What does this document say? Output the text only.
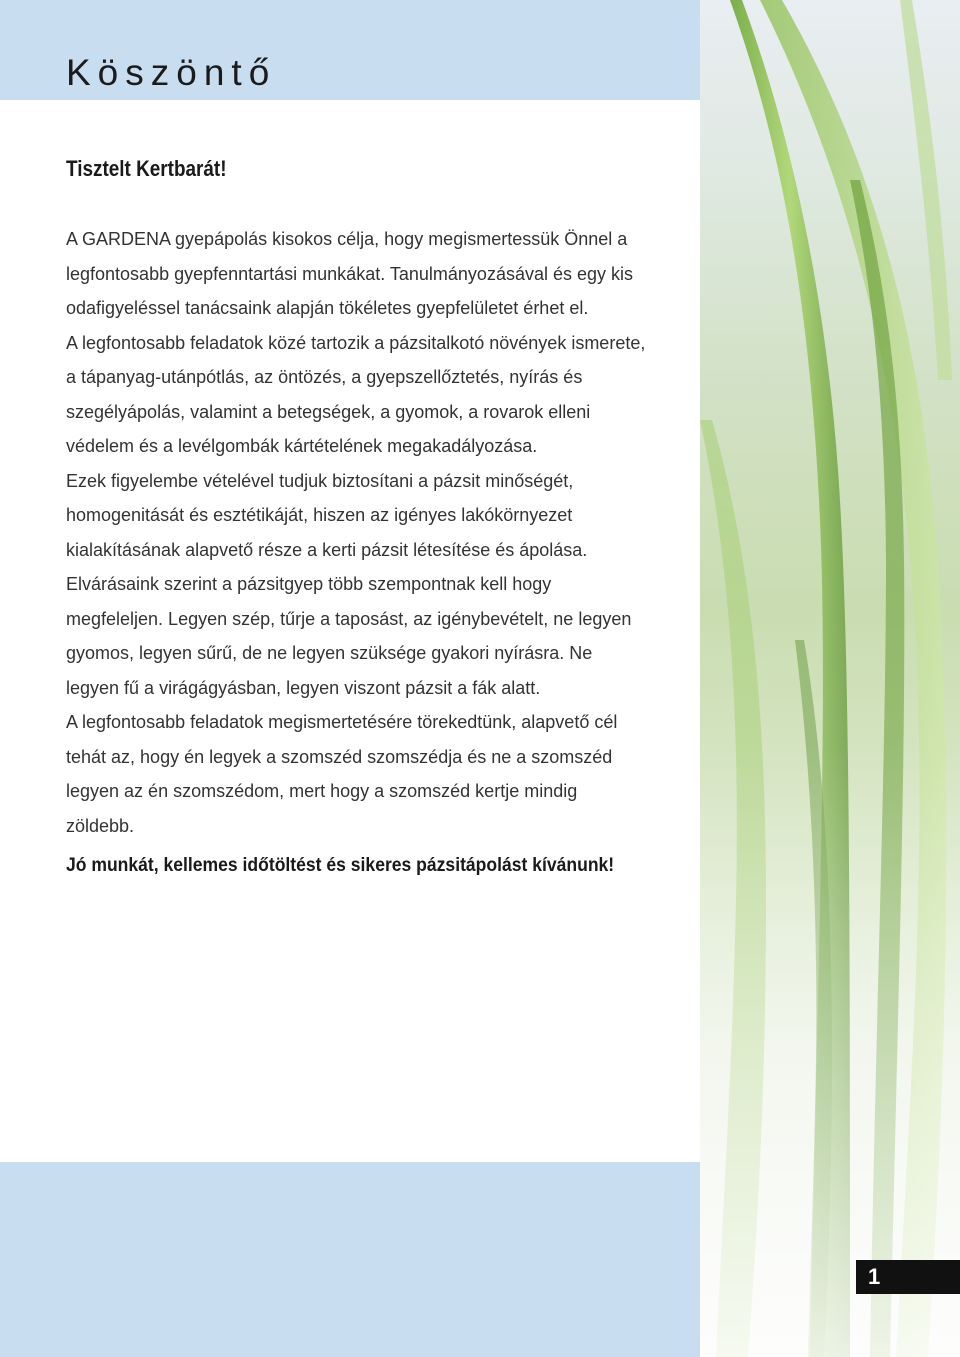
Köszöntő
Tisztelt Kertbarát!

A GARDENA gyepápolás kisokos célja, hogy megismertessük Önnel a legfontosabb gyepfenntartási munkákat. Tanulmányozásával és egy kis odafigyeléssel tanácsaink alapján tökéletes gyepfelületet érhet el.

A legfontosabb feladatok közé tartozik a pázsitalkotó növények ismerete, a tápanyag-utánpótlás, az öntözés, a gyepszellőztetés, nyírás és szegélyápolás, valamint a betegségek, a gyomok, a rovarok elleni védelem és a levélgombák kártételének megakadályozása.

Ezek figyelembe vételével tudjuk biztosítani a pázsit minőségét, homogenitását és esztétikáját, hiszen az igényes lakókörnyezet kialakításának alapvető része a kerti pázsit létesítése és ápolása.

Elvárásaink szerint a pázsitgyep több szempontnak kell hogy megfeleljen. Legyen szép, tűrje a taposást, az igénybevételt, ne legyen gyomos, legyen sűrű, de ne legyen szüksége gyakori nyírásra. Ne legyen fű a virágágyásban, legyen viszont pázsit a fák alatt.

A legfontosabb feladatok megismertetésére törekedtünk, alapvető cél tehát az, hogy én legyek a szomszéd szomszédja és ne a szomszéd legyen az én szomszédom, mert hogy a szomszéd kertje mindig zöldebb.

Jó munkát, kellemes időtöltést és sikeres pázsitápolást kívánunk!

1
